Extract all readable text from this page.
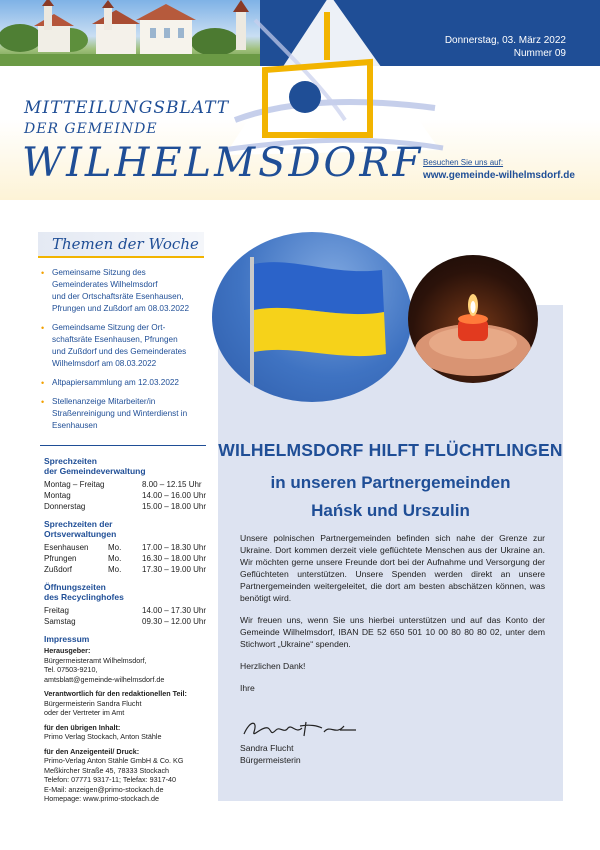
Donnerstag, 03. März 2022
Nummer 09
MITTEILUNGSBLATT
DER GEMEINDE
WILHELMSDORF Besuchen Sie uns auf:
www.gemeinde-wilhelmsdorf.de
Themen der Woche
• Gemeinsame Sitzung des
Gemeinderates Wilhelmsdorf
und der Ortschaftsräte Esenhausen,
Pfrungen und Zußdorf am 08.03.2022
• Gemeindsame Sitzung der Ort-
schaftsräte Esenhausen, Pfrungen
und Zußdorf und des Gemeinderates
Wilhelmsdorf am 08.03.2022
• Altpapiersammlung am 12.03.2022
• Stellenanzeige Mitarbeiter/in
Straßenreinigung und Winterdienst in
Esenhausen
Sprechzeiten
der Gemeindeverwaltung
Montag – Freitag	8.00 – 12.15 Uhr
Montag	14.00 – 16.00 Uhr
Donnerstag	15.00 – 18.00 Uhr
Sprechzeiten der
Ortsverwaltungen
Esenhausen	Mo.	17.00 – 18.30 Uhr
Pfrungen	Mo.	16.30 – 18.00 Uhr
Zußdorf	Mo.	17.30 – 19.00 Uhr
Öffnungszeiten
des Recyclinghofes
Freitag	14.00 – 17.30 Uhr
Samstag	09.30 – 12.00 Uhr
Impressum
Herausgeber:
Bürgermeisteramt Wilhelmsdorf,
Tel. 07503-9210,
amtsblatt@gemeinde-wilhelmsdorf.de
Verantwortlich für den redaktionellen Teil:
Bürgermeisterin Sandra Flucht
oder der Vertreter im Amt
für den übrigen Inhalt:
Primo Verlag Stockach, Anton Stähle
für den Anzeigenteil/ Druck:
Primo-Verlag Anton Stähle GmbH & Co. KG
Meßkircher Straße 45, 78333 Stockach
Telefon: 07771 9317-11; Telefax: 9317-40
E-Mail: anzeigen@primo-stockach.de
Homepage: www.primo-stockach.de
WILHELMSDORF HILFT FLÜCHTLINGEN
in unseren Partnergemeinden
Hańsk und Urszulin

Unsere polnischen Partnergemeinden befinden sich nahe der Grenze zur Ukraine. Dort kommen derzeit viele geflüchtete Menschen aus der Ukraine an. Wir möchten gerne unsere Freunde dort bei der Aufnahme und Versorgung der Geflüchteten unterstützen. Unsere Spenden werden direkt an unsere Partnergemeinden weitergeleitet, die dort am besten abschätzen können, was benötigt wird.

Wir freuen uns, wenn Sie uns hierbei unterstützen und auf das Konto der Gemeinde Wilhelmsdorf, IBAN DE 52 650 501 10 00 80 80 80 02, unter dem Stichwort „Ukraine“ spenden.

Herzlichen Dank!

Ihre

Sandra Flucht
Bürgermeisterin
